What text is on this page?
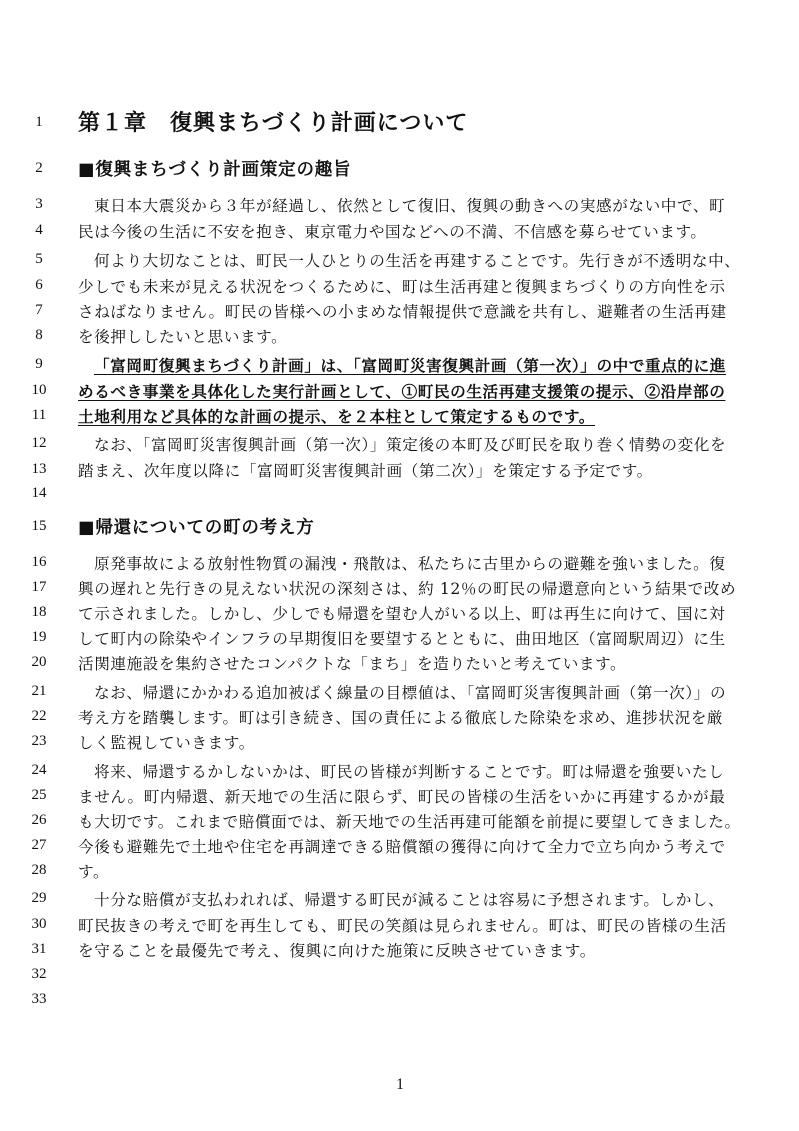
1	第１章　復興まちづくり計画について
2	■復興まちづくり計画策定の趣旨
3	東日本大震災から３年が経過し、依然として復旧、復興の動きへの実感がない中で、町
4	民は今後の生活に不安を抱き、東京電力や国などへの不満、不信感を募らせています。
5	何より大切なことは、町民一人ひとりの生活を再建することです。先行きが不透明な中、
6	少しでも未来が見える状況をつくるために、町は生活再建と復興まちづくりの方向性を示
7	さねばなりません。町民の皆様への小まめな情報提供で意識を共有し、避難者の生活再建
8	を後押ししたいと思います。
9	「富岡町復興まちづくり計画」は、「富岡町災害復興計画（第一次）」の中で重点的に進
10	めるべき事業を具体化した実行計画として、①町民の生活再建支援策の提示、②沿岸部の
11	土地利用など具体的な計画の提示、を２本柱として策定するものです。
12	なお、「富岡町災害復興計画（第一次）」策定後の本町及び町民を取り巻く情勢の変化を
13	踏まえ、次年度以降に「富岡町災害復興計画（第二次）」を策定する予定です。
14
15	■帰還についての町の考え方
16	原発事故による放射性物質の漏洩・飛散は、私たちに古里からの避難を強いました。復
17	興の遅れと先行きの見えない状況の深刻さは、約 12％の町民の帰還意向という結果で改め
18	て示されました。しかし、少しでも帰還を望む人がいる以上、町は再生に向けて、国に対
19	して町内の除染やインフラの早期復旧を要望するとともに、曲田地区（富岡駅周辺）に生
20	活関連施設を集約させたコンパクトな「まち」を造りたいと考えています。
21	なお、帰還にかかわる追加被ばく線量の目標値は、「富岡町災害復興計画（第一次）」の
22	考え方を踏襲します。町は引き続き、国の責任による徹底した除染を求め、進捗状況を厳
23	しく監視していきます。
24	将来、帰還するかしないかは、町民の皆様が判断することです。町は帰還を強要いたし
25	ません。町内帰還、新天地での生活に限らず、町民の皆様の生活をいかに再建するかが最
26	も大切です。これまで賠償面では、新天地での生活再建可能額を前提に要望してきました。
27	今後も避難先で土地や住宅を再調達できる賠償額の獲得に向けて全力で立ち向かう考えで
28	す。
29	十分な賠償が支払われれば、帰還する町民が減ることは容易に予想されます。しかし、
30	町民抜きの考えで町を再生しても、町民の笑顔は見られません。町は、町民の皆様の生活
31	を守ることを最優先で考え、復興に向けた施策に反映させていきます。
32
33
1
